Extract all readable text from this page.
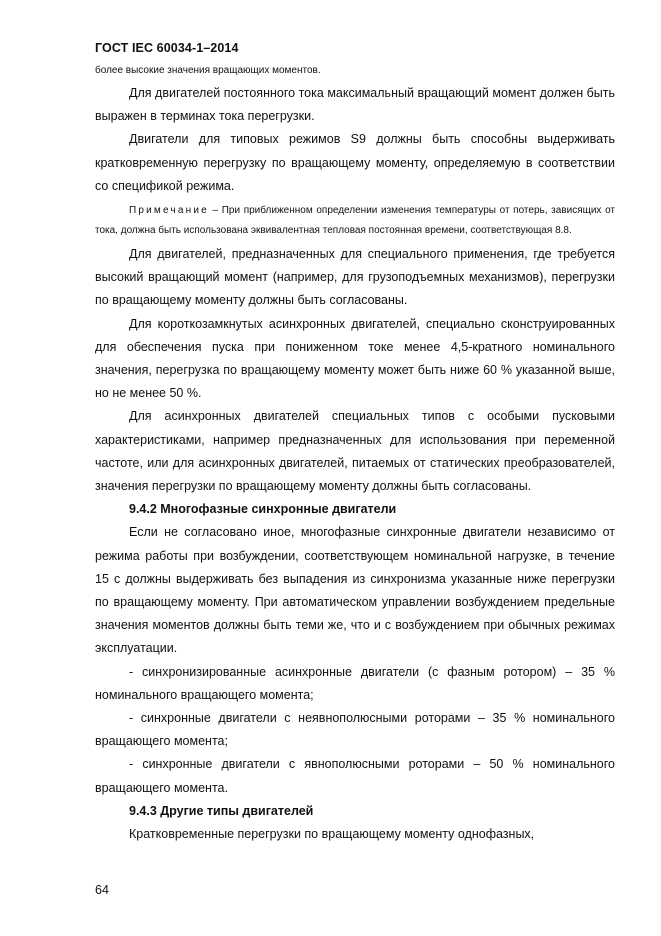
ГОСТ IEC 60034-1–2014

более высокие значения вращающих моментов.

Для двигателей постоянного тока максимальный вращающий момент должен быть выражен в терминах тока перегрузки.

Двигатели для типовых режимов S9 должны быть способны выдерживать кратковременную перегрузку по вращающему моменту, определяемую в соответствии со спецификой режима.

Примечание – При приближенном определении изменения температуры от потерь, зависящих от тока, должна быть использована эквивалентная тепловая постоянная времени, соответствующая 8.8.

Для двигателей, предназначенных для специального применения, где требуется высокий вращающий момент (например, для грузоподъемных механизмов), перегрузки по вращающему моменту должны быть согласованы.

Для короткозамкнутых асинхронных двигателей, специально сконструированных для обеспечения пуска при пониженном токе менее 4,5-кратного номинального значения, перегрузка по вращающему моменту может быть ниже 60 % указанной выше, но не менее 50 %.

Для асинхронных двигателей специальных типов с особыми пусковыми характеристиками, например предназначенных для использования при переменной частоте, или для асинхронных двигателей, питаемых от статических преобразователей, значения перегрузки по вращающему моменту должны быть согласованы.

9.4.2 Многофазные синхронные двигатели

Если не согласовано иное, многофазные синхронные двигатели независимо от режима работы при возбуждении, соответствующем номинальной нагрузке, в течение 15 с должны выдерживать без выпадения из синхронизма указанные ниже перегрузки по вращающему моменту. При автоматическом управлении возбуждением предельные значения моментов должны быть теми же, что и с возбуждением при обычных режимах эксплуатации.

- синхронизированные асинхронные двигатели (с фазным ротором) – 35 % номинального вращающего момента;

- синхронные двигатели с неявнополюсными роторами – 35 % номинального вращающего момента;

- синхронные двигатели с явнополюсными роторами – 50 % номинального вращающего момента.

9.4.3 Другие типы двигателей

Кратковременные перегрузки по вращающему моменту однофазных,

64
